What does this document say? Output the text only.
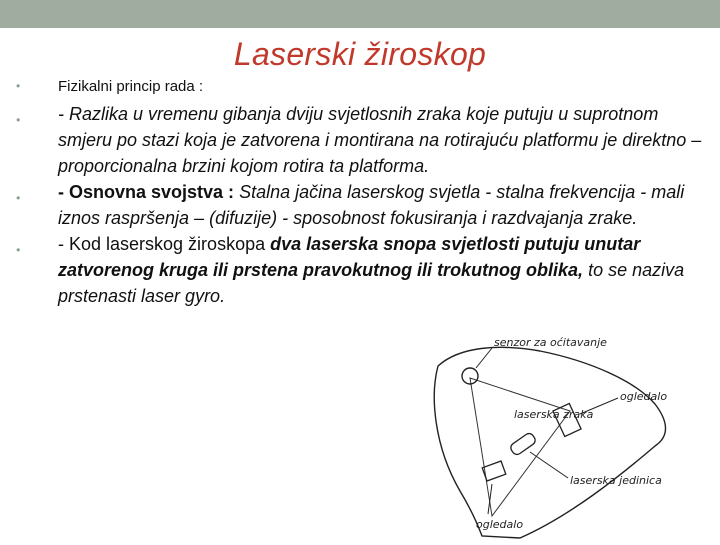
Laserski žiroskop
•	Fizikalni princip rada :
• - Razlika u vremenu gibanja dviju svjetlosnih zraka koje putuju u suprotnom smjeru po stazi koja je zatvorena i montirana na rotirajuću platformu je direktno – proporcionalna brzini kojom rotira ta platforma.
• - Osnovna svojstva : Stalna jačina laserskog svjetla - stalna frekvencija - mali iznos raspršenja – (difuzije) - sposobnost fokusiranja i razdvajanja zrake.
• - Kod laserskog žiroskopa dva laserska snopa svjetlosti putuju unutar zatvorenog kruga ili prstena pravokutnog ili trokutnog oblika, to se naziva prstenasti laser gyro.
senzor za oćitavanje
ogledalo
laserska zraka
laserska jedinica
ogledalo
